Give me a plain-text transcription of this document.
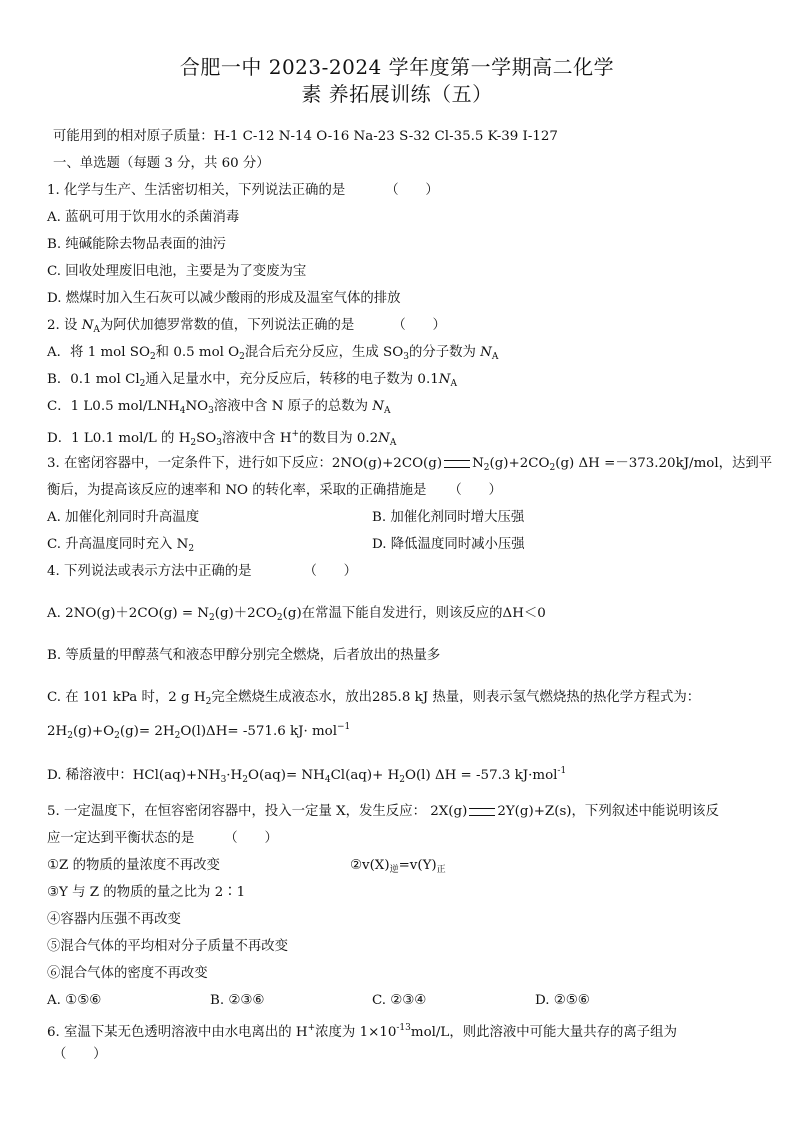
合肥一中 2023-2024 学年度第一学期高二化学
素 养拓展训练（五）
可能用到的相对原子质量：H-1 C-12 N-14 O-16 Na-23 S-32 Cl-35.5 K-39 I-127
一、单选题（每题 3 分，共 60 分）
1. 化学与生产、生活密切相关，下列说法正确的是	（　　）
A. 蓝矾可用于饮用水的杀菌消毒
B. 纯碱能除去物品表面的油污
C. 回收处理废旧电池，主要是为了变废为宝
D. 燃煤时加入生石灰可以减少酸雨的形成及温室气体的排放
2. 设 $N_A$为阿伏加德罗常数的值，下列说法正确的是	（　　）
A．将 1 mol $SO_2$和 0.5 mol $O_2$混合后充分反应，生成 $SO_3$的分子数为 $N_A$
B．0.1 mol $Cl_2$通入足量水中，充分反应后，转移的电子数为 $0.1N_A$
C．1 L0.5 mol/$LNH_4NO_3$溶液中含 N 原子的总数为 $N_A$
D．1 L0.1 mol/L 的 $H_2SO_3$溶液中含 H+的数目为 $0.2N_A$
3. 在密闭容器中，一定条件下，进行如下反应：2NO(g)+2CO(g) $N_2(g)+2CO_2(g)$ ΔH =－373.20kJ/mol，达到平
衡后，为提高该反应的速率和 NO 的转化率，采取的正确措施是 （　　）
A. 加催化剂同时升高温度	B. 加催化剂同时增大压强
C. 升高温度同时充入 $N_2$	D. 降低温度同时减小压强
4. 下列说法或表示方法中正确的是	（　　）
A. $2NO(g)+2CO(g) = N_2(g)+2CO_2(g)$在常温下能自发进行，则该反应的ΔH＜0
B. 等质量的甲醇蒸气和液态甲醇分别完全燃烧，后者放出的热量多
C. 在 101 kPa 时，2 g $H_2$完全燃烧生成液态水，放出285.8 kJ 热量，则表示氢气燃烧热的热化学方程式为：
$2H_2(g)+O_2(g)= 2H_2O(l)\Delta H= -571.6$ kJ· mol$^{-1}$
D. 稀溶液中：$HCl(aq)+NH_3\cdot H_2O(aq)= NH_4Cl(aq)+ H_2O(l) \Delta H = -57.3$ kJ·mol$^{-1}$
5. 一定温度下，在恒容密闭容器中，投入一定量 X，发生反应： 2X(g) 2Y(g)+Z(s)，下列叙述中能说明该反
应一定达到平衡状态的是 （　　）
①Z 的物质的量浓度不再改变	$②v(X)_逆=v(Y)_正$
③Y 与 Z 的物质的量之比为 2∶1
④容器内压强不再改变
⑤混合气体的平均相对分子质量不再改变
⑥混合气体的密度不再改变
A. ①⑤⑥	B. ②③⑥	C. ②③④	D. ②⑤⑥
6. 室温下某无色透明溶液中由水电离出的 H+浓度为 $1\times 10^{-13}mol/L$，则此溶液中可能大量共存的离子组为
（　　）
